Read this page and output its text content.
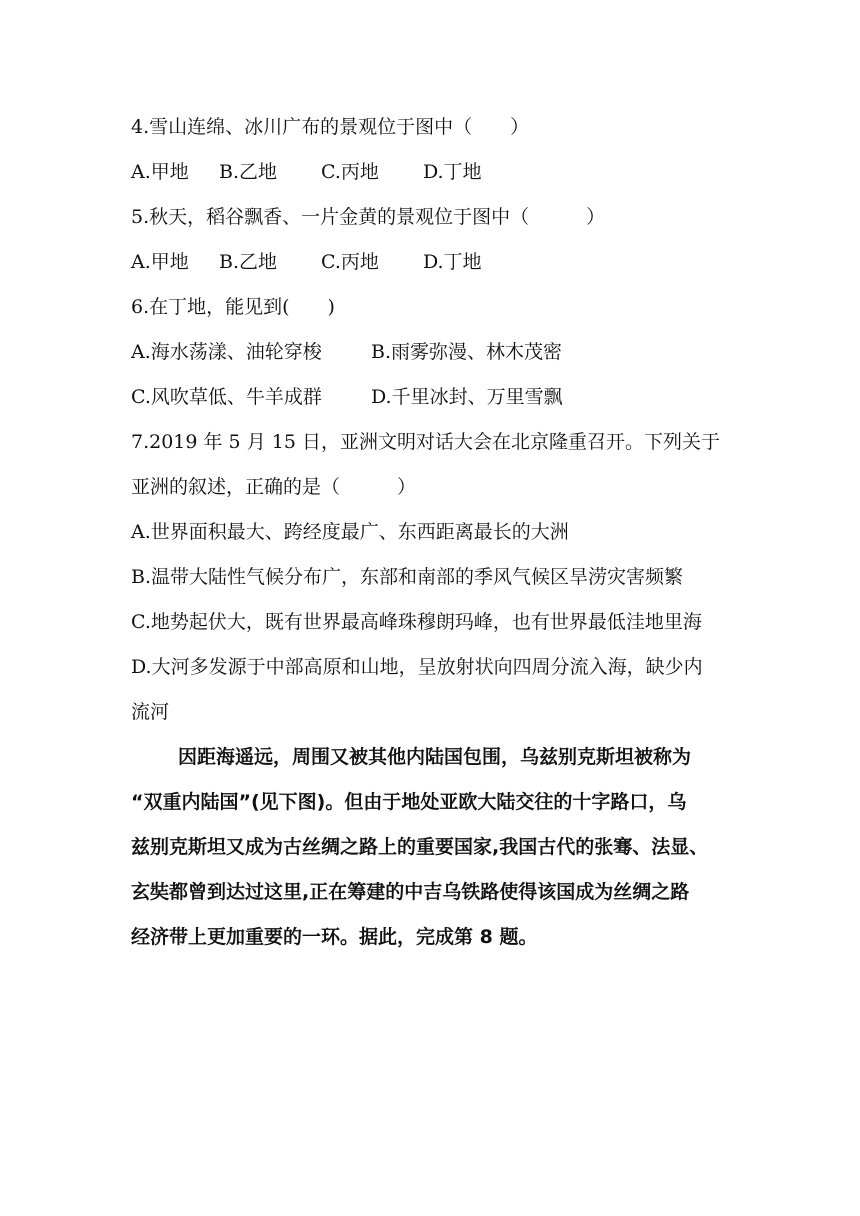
4.雪山连绵、冰川广布的景观位于图中（　　）
A.甲地 B.乙地 C.丙地 D.丁地
5.秋天，稻谷飘香、一片金黄的景观位于图中（　　　）
A.甲地 B.乙地 C.丙地 D.丁地
6.在丁地，能见到(　　)
A.海水荡漾、油轮穿梭	B.雨雾弥漫、林木茂密
C.风吹草低、牛羊成群	D.千里冰封、万里雪飘
7.2019 年 5 月 15 日，亚洲文明对话大会在北京隆重召开。下列关于
亚洲的叙述，正确的是（　　　）
A.世界面积最大、跨经度最广、东西距离最长的大洲
B.温带大陆性气候分布广，东部和南部的季风气候区旱涝灾害频繁
C.地势起伏大，既有世界最高峰珠穆朗玛峰，也有世界最低洼地里海
D.大河多发源于中部高原和山地，呈放射状向四周分流入海，缺少内
流河
因距海遥远，周围又被其他内陆国包围，乌兹别克斯坦被称为
“双重内陆国”(见下图)。但由于地处亚欧大陆交往的十字路口，乌
兹别克斯坦又成为古丝绸之路上的重要国家,我国古代的张骞、法显、
玄奘都曾到达过这里,正在筹建的中吉乌铁路使得该国成为丝绸之路
经济带上更加重要的一环。据此，完成第 8 题。
